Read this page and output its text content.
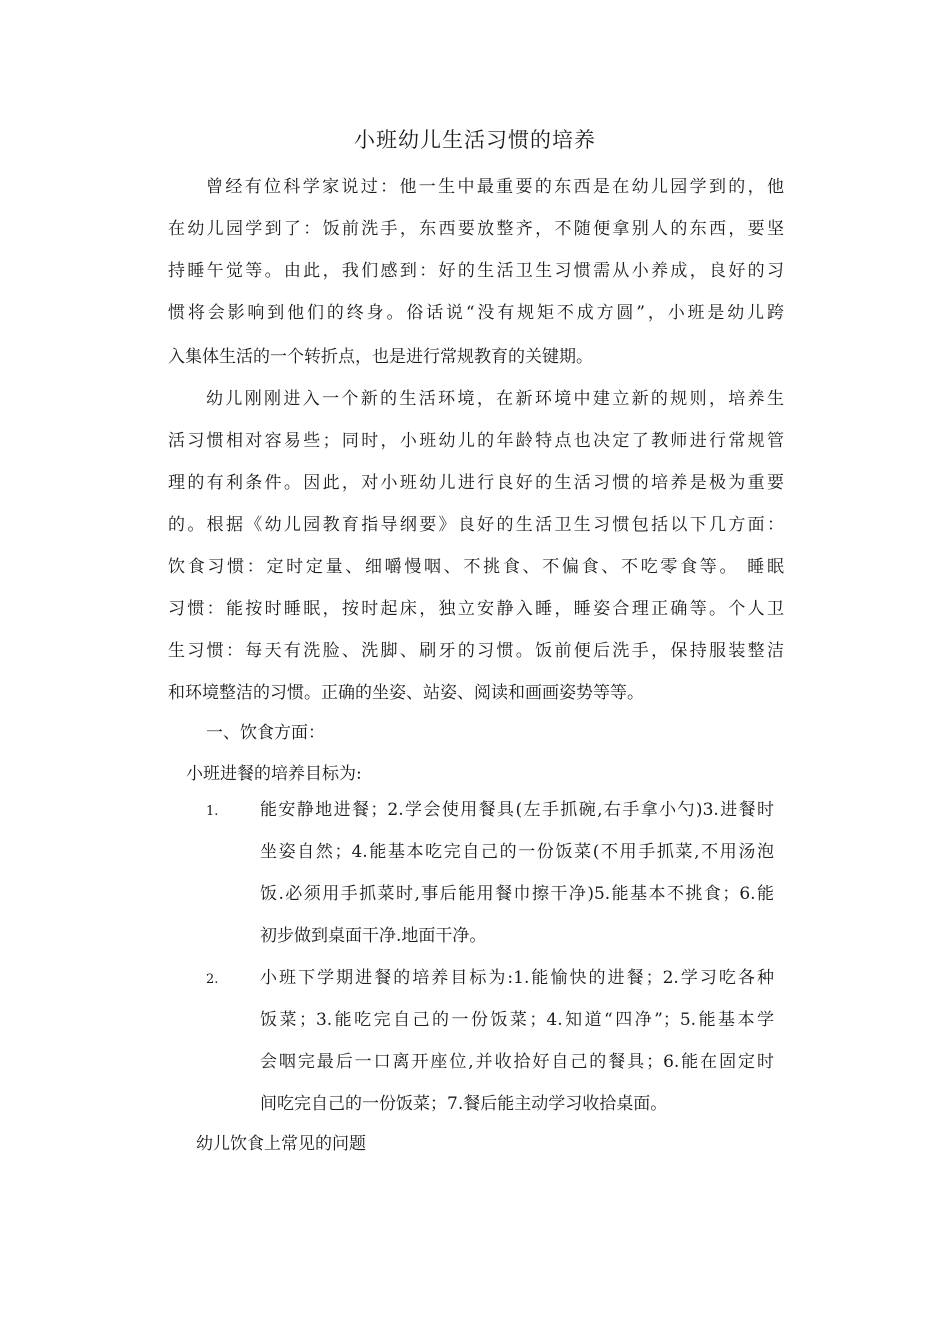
小班幼儿生活习惯的培养
曾经有位科学家说过：他一生中最重要的东西是在幼儿园学到的，他
在幼儿园学到了：饭前洗手，东西要放整齐，不随便拿别人的东西，要坚
持睡午觉等。由此，我们感到：好的生活卫生习惯需从小养成，良好的习
惯将会影响到他们的终身。俗话说“没有规矩不成方圆”，小班是幼儿跨
入集体生活的一个转折点，也是进行常规教育的关键期。
幼儿刚刚进入一个新的生活环境，在新环境中建立新的规则，培养生
活习惯相对容易些；同时，小班幼儿的年龄特点也决定了教师进行常规管
理的有利条件。因此，对小班幼儿进行良好的生活习惯的培养是极为重要
的。根据《幼儿园教育指导纲要》良好的生活卫生习惯包括以下几方面：
饮食习惯：定时定量、细嚼慢咽、不挑食、不偏食、不吃零食等。 睡眠
习惯：能按时睡眠，按时起床，独立安静入睡，睡姿合理正确等。个人卫
生习惯：每天有洗脸、洗脚、刷牙的习惯。饭前便后洗手，保持服装整洁
和环境整洁的习惯。正确的坐姿、站姿、阅读和画画姿势等等。
一、饮食方面：
小班进餐的培养目标为:
1. 能安静地进餐；2.学会使用餐具(左手抓碗,右手拿小勺)3.进餐时
坐姿自然；4.能基本吃完自己的一份饭菜(不用手抓菜,不用汤泡
饭.必须用手抓菜时,事后能用餐巾擦干净)5.能基本不挑食；6.能
初步做到桌面干净.地面干净。
2. 小班下学期进餐的培养目标为:1.能愉快的进餐；2.学习吃各种
饭菜；3.能吃完自己的一份饭菜；4.知道“四净”；5.能基本学
会咽完最后一口离开座位,并收拾好自己的餐具；6.能在固定时
间吃完自己的一份饭菜；7.餐后能主动学习收拾桌面。
幼儿饮食上常见的问题
